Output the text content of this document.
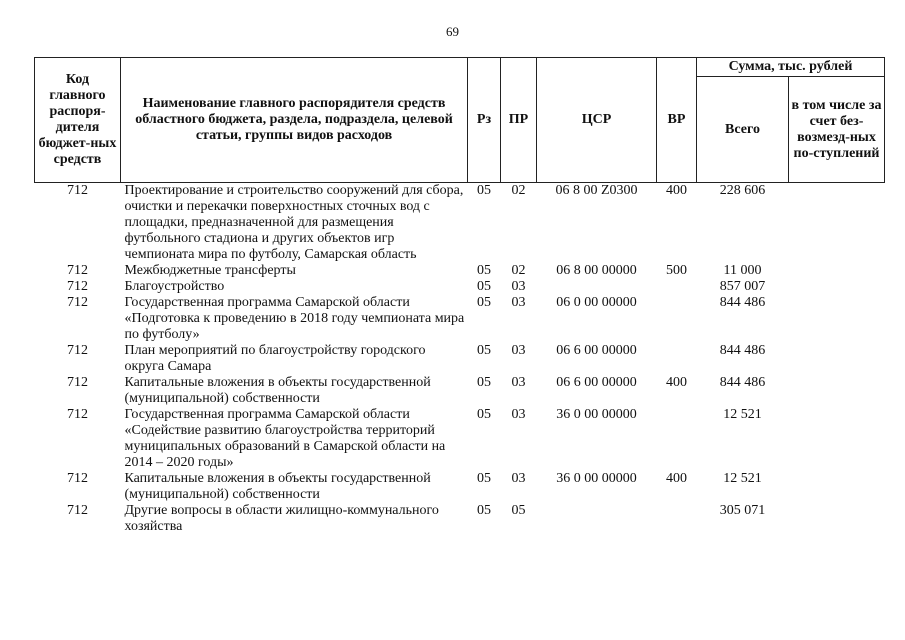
69
Код главного распоря-дителя бюджет-ных средств	Наименование главного распорядителя средств областного бюджета, раздела, подраздела, целевой статьи, группы видов расходов	Рз	ПР	ЦСР	ВР	Сумма, тыс. рублей	
						Всего	в том числе за счет без-возмезд-ных по-ступлений
712	Проектирование и строительство сооружений для сбора, очистки и перекачки поверхностных сточных вод с площадки, предназначенной для размещения футбольного стадиона и других объектов игр чемпионата мира по футболу, Самарская область	05	02	06 8 00 Z0300	400	228 606	
712	Межбюджетные трансферты	05	02	06 8 00 00000	500	11 000	
712	Благоустройство	05	03			857 007	
712	Государственная программа Самарской области «Подготовка к проведению в 2018 году чемпионата мира по футболу»	05	03	06 0 00 00000		844 486	
712	План мероприятий по благоустройству городского округа Самара	05	03	06 6 00 00000		844 486	
712	Капитальные вложения в объекты государственной (муниципальной) собственности	05	03	06 6 00 00000	400	844 486	
712	Государственная программа Самарской области «Содействие развитию благоустройства территорий муниципальных образований в Самарской области на 2014 – 2020 годы»	05	03	36 0 00 00000		12 521	
712	Капитальные вложения в объекты государственной (муниципальной) собственности	05	03	36 0 00 00000	400	12 521	
712	Другие вопросы в области жилищно-коммунального хозяйства	05	05			305 071	
